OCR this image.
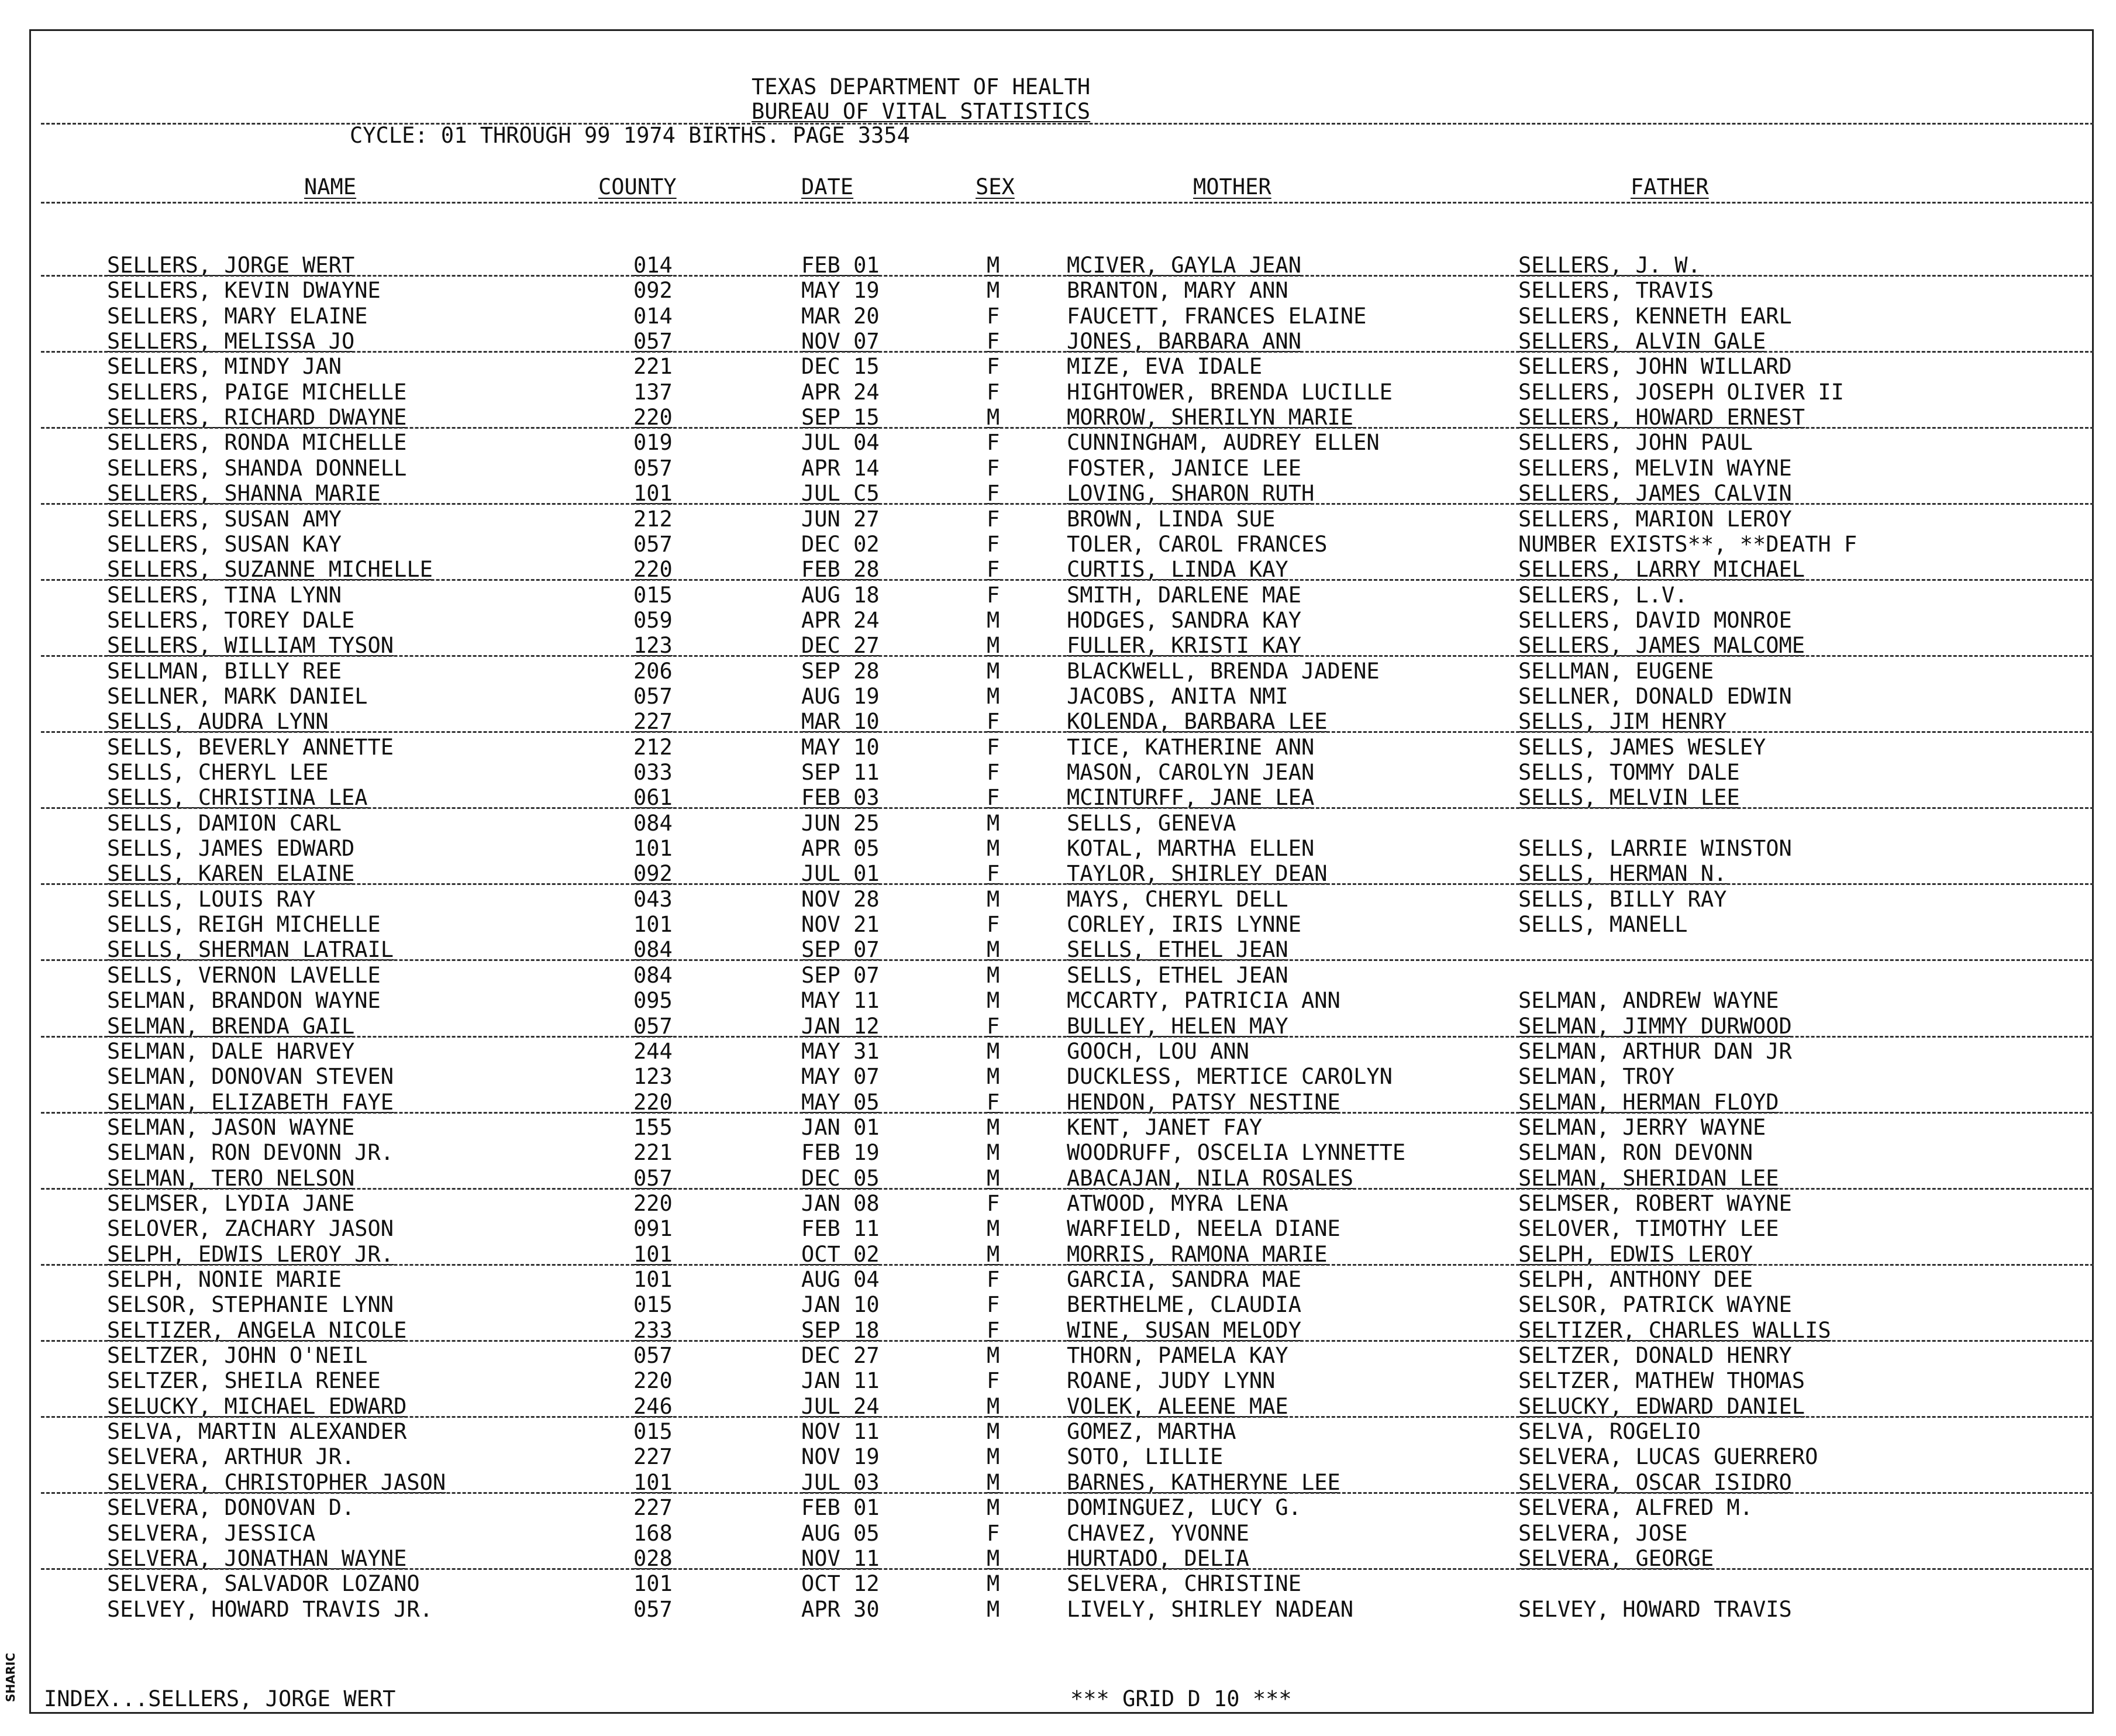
SHARIC
TEXAS DEPARTMENT OF HEALTH
BUREAU OF VITAL STATISTICS
CYCLE: 01 THROUGH 99 1974 BIRTHS. PAGE 3354
NAME	COUNTY	DATE	SEX	MOTHER	FATHER
SELLERS, JORGE WERT	014	FEB 01	M	MCIVER, GAYLA JEAN	SELLERS, J. W.
SELLERS, KEVIN DWAYNE	092	MAY 19	M	BRANTON, MARY ANN	SELLERS, TRAVIS
SELLERS, MARY ELAINE	014	MAR 20	F	FAUCETT, FRANCES ELAINE	SELLERS, KENNETH EARL
SELLERS, MELISSA JO	057	NOV 07	F	JONES, BARBARA ANN	SELLERS, ALVIN GALE
SELLERS, MINDY JAN	221	DEC 15	F	MIZE, EVA IDALE	SELLERS, JOHN WILLARD
SELLERS, PAIGE MICHELLE	137	APR 24	F	HIGHTOWER, BRENDA LUCILLE	SELLERS, JOSEPH OLIVER II
SELLERS, RICHARD DWAYNE	220	SEP 15	M	MORROW, SHERILYN MARIE	SELLERS, HOWARD ERNEST
SELLERS, RONDA MICHELLE	019	JUL 04	F	CUNNINGHAM, AUDREY ELLEN	SELLERS, JOHN PAUL
SELLERS, SHANDA DONNELL	057	APR 14	F	FOSTER, JANICE LEE	SELLERS, MELVIN WAYNE
SELLERS, SHANNA MARIE	101	JUL C5	F	LOVING, SHARON RUTH	SELLERS, JAMES CALVIN
SELLERS, SUSAN AMY	212	JUN 27	F	BROWN, LINDA SUE	SELLERS, MARION LEROY
SELLERS, SUSAN KAY	057	DEC 02	F	TOLER, CAROL FRANCES	NUMBER EXISTS**, **DEATH F
SELLERS, SUZANNE MICHELLE	220	FEB 28	F	CURTIS, LINDA KAY	SELLERS, LARRY MICHAEL
SELLERS, TINA LYNN	015	AUG 18	F	SMITH, DARLENE MAE	SELLERS, L.V.
SELLERS, TOREY DALE	059	APR 24	M	HODGES, SANDRA KAY	SELLERS, DAVID MONROE
SELLERS, WILLIAM TYSON	123	DEC 27	M	FULLER, KRISTI KAY	SELLERS, JAMES MALCOME
SELLMAN, BILLY REE	206	SEP 28	M	BLACKWELL, BRENDA JADENE	SELLMAN, EUGENE
SELLNER, MARK DANIEL	057	AUG 19	M	JACOBS, ANITA NMI	SELLNER, DONALD EDWIN
SELLS, AUDRA LYNN	227	MAR 10	F	KOLENDA, BARBARA LEE	SELLS, JIM HENRY
SELLS, BEVERLY ANNETTE	212	MAY 10	F	TICE, KATHERINE ANN	SELLS, JAMES WESLEY
SELLS, CHERYL LEE	033	SEP 11	F	MASON, CAROLYN JEAN	SELLS, TOMMY DALE
SELLS, CHRISTINA LEA	061	FEB 03	F	MCINTURFF, JANE LEA	SELLS, MELVIN LEE
SELLS, DAMION CARL	084	JUN 25	M	SELLS, GENEVA
SELLS, JAMES EDWARD	101	APR 05	M	KOTAL, MARTHA ELLEN	SELLS, LARRIE WINSTON
SELLS, KAREN ELAINE	092	JUL 01	F	TAYLOR, SHIRLEY DEAN	SELLS, HERMAN N.
SELLS, LOUIS RAY	043	NOV 28	M	MAYS, CHERYL DELL	SELLS, BILLY RAY
SELLS, REIGH MICHELLE	101	NOV 21	F	CORLEY, IRIS LYNNE	SELLS, MANELL
SELLS, SHERMAN LATRAIL	084	SEP 07	M	SELLS, ETHEL JEAN
SELLS, VERNON LAVELLE	084	SEP 07	M	SELLS, ETHEL JEAN
SELMAN, BRANDON WAYNE	095	MAY 11	M	MCCARTY, PATRICIA ANN	SELMAN, ANDREW WAYNE
SELMAN, BRENDA GAIL	057	JAN 12	F	BULLEY, HELEN MAY	SELMAN, JIMMY DURWOOD
SELMAN, DALE HARVEY	244	MAY 31	M	GOOCH, LOU ANN	SELMAN, ARTHUR DAN JR
SELMAN, DONOVAN STEVEN	123	MAY 07	M	DUCKLESS, MERTICE CAROLYN	SELMAN, TROY
SELMAN, ELIZABETH FAYE	220	MAY 05	F	HENDON, PATSY NESTINE	SELMAN, HERMAN FLOYD
SELMAN, JASON WAYNE	155	JAN 01	M	KENT, JANET FAY	SELMAN, JERRY WAYNE
SELMAN, RON DEVONN JR.	221	FEB 19	M	WOODRUFF, OSCELIA LYNNETTE	SELMAN, RON DEVONN
SELMAN, TERO NELSON	057	DEC 05	M	ABACAJAN, NILA ROSALES	SELMAN, SHERIDAN LEE
SELMSER, LYDIA JANE	220	JAN 08	F	ATWOOD, MYRA LENA	SELMSER, ROBERT WAYNE
SELOVER, ZACHARY JASON	091	FEB 11	M	WARFIELD, NEELA DIANE	SELOVER, TIMOTHY LEE
SELPH, EDWIS LEROY JR.	101	OCT 02	M	MORRIS, RAMONA MARIE	SELPH, EDWIS LEROY
SELPH, NONIE MARIE	101	AUG 04	F	GARCIA, SANDRA MAE	SELPH, ANTHONY DEE
SELSOR, STEPHANIE LYNN	015	JAN 10	F	BERTHELME, CLAUDIA	SELSOR, PATRICK WAYNE
SELTIZER, ANGELA NICOLE	233	SEP 18	F	WINE, SUSAN MELODY	SELTIZER, CHARLES WALLIS
SELTZER, JOHN O'NEIL	057	DEC 27	M	THORN, PAMELA KAY	SELTZER, DONALD HENRY
SELTZER, SHEILA RENEE	220	JAN 11	F	ROANE, JUDY LYNN	SELTZER, MATHEW THOMAS
SELUCKY, MICHAEL EDWARD	246	JUL 24	M	VOLEK, ALEENE MAE	SELUCKY, EDWARD DANIEL
SELVA, MARTIN ALEXANDER	015	NOV 11	M	GOMEZ, MARTHA	SELVA, ROGELIO
SELVERA, ARTHUR JR.	227	NOV 19	M	SOTO, LILLIE	SELVERA, LUCAS GUERRERO
SELVERA, CHRISTOPHER JASON	101	JUL 03	M	BARNES, KATHERYNE LEE	SELVERA, OSCAR ISIDRO
SELVERA, DONOVAN D.	227	FEB 01	M	DOMINGUEZ, LUCY G.	SELVERA, ALFRED M.
SELVERA, JESSICA	168	AUG 05	F	CHAVEZ, YVONNE	SELVERA, JOSE
SELVERA, JONATHAN WAYNE	028	NOV 11	M	HURTADO, DELIA	SELVERA, GEORGE
SELVERA, SALVADOR LOZANO	101	OCT 12	M	SELVERA, CHRISTINE
SELVEY, HOWARD TRAVIS JR.	057	APR 30	M	LIVELY, SHIRLEY NADEAN	SELVEY, HOWARD TRAVIS
INDEX...SELLERS, JORGE WERT	*** GRID D 10 ***
